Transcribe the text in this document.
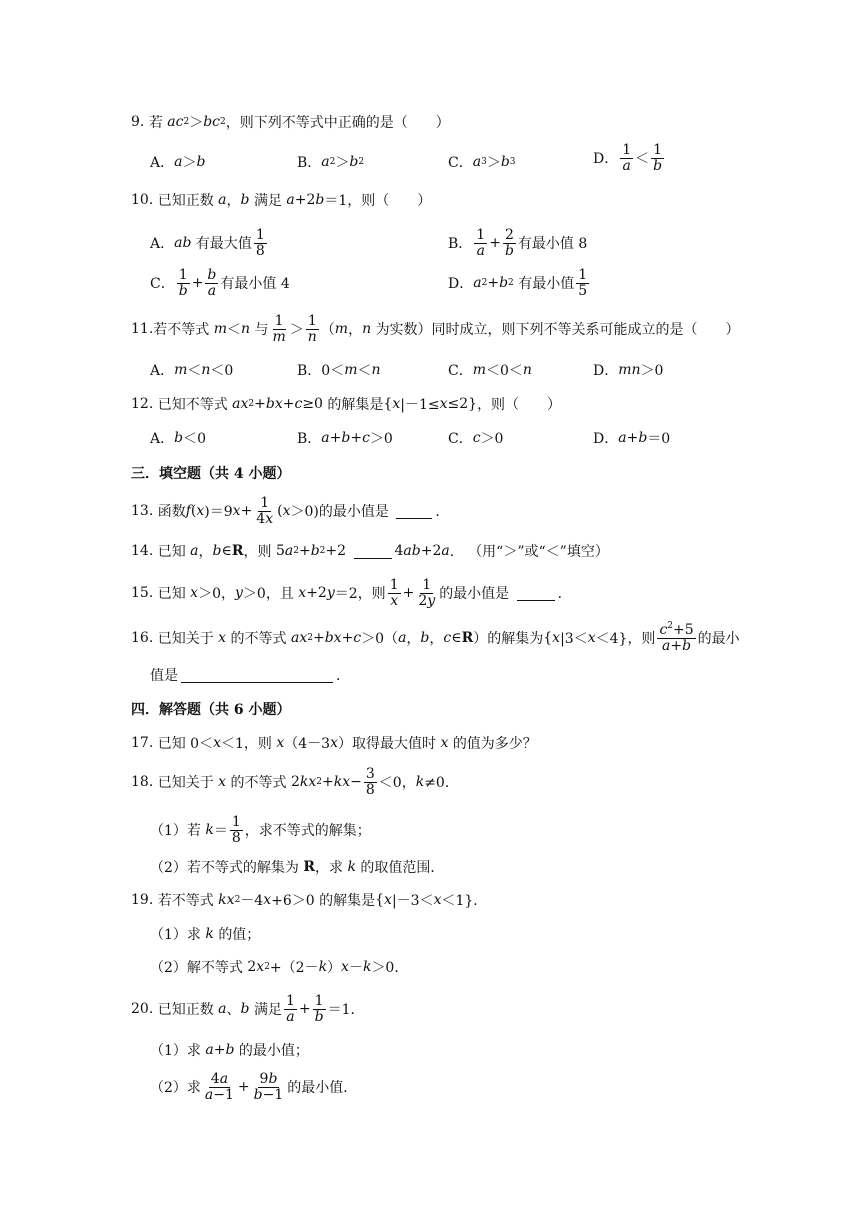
9.
若
ac 2 ＞ bc 2 ，则下列不等式中正确的是（　　）
A． a ＞ b	B． a 2 ＞ b 2	C． a 3 ＞ b 3	D． $\frac{1}{a} < \frac{1}{b}$
10.
已知正数
a ， b
满足
a +2 b ＝1 ，则（　　）
A． ab
有最大值 $\frac{1}{8}$	B． $\frac{1}{a} + \frac{2}{b}$ 有最小值 8
C． $\frac{1}{b} + \frac{b}{a}$ 有最小值 4	D． a 2 + b 2
有最小值 $\frac{1}{5}$
11. 若不等式
m ＜ n
与 $\frac{1}{m} > \frac{1}{n}$ （ m ， n
为实数）同时成立，则下列不等关系可能成立的是（　　）
A． m ＜ n ＜0	B．0＜ m ＜ n	C． m ＜0＜ n	D． mn ＞0
12.
已知不等式
ax 2 + bx + c ≥0 的解集是 { x |－1≤ x ≤2} ，则（　　）
A． b ＜0	B． a + b + c ＞0	C． c ＞0	D． a + b ＝0
三．填空题（共 4 小题）
13.
函数 f ( x )＝9 $x + \frac{1}{4x}$ ( x ＞0) 的最小值是
	．
14.
已知
a ， b ∈ R ，则 5 a 2 + b 2 +2	4 ab +2 a ． （用“＞”或“＜”填空）
15.
已知
x ＞0， y ＞0 ，且
x +2 y ＝2 ，则 $\frac{1}{x} + \frac{1}{2y}$ 的最小值是
	．
16.
已知关于
x
的不等式
ax 2 + bx + c ＞0（ a ， b ， c ∈ R ） 的解集为 { x |3＜ x ＜4} ，则 $\frac{c^2+5}{a+b}$ 的最小
值是	．
四．解答题（共 6 小题）
17.
已知 0＜ x ＜1 ，则
x （4－3 x ） 取得最大值时
x
的值为多少？
18.
已知关于
x
的不等式 2 kx 2 + kx − $\frac{3}{8} <0$， k ≠0．
（1）若
$k = \frac{1}{8}$ ，求不等式的解集；
（2）若不等式的解集为
R ，求
k
的取值范围．
19.
若不等式
kx 2 －4 x +6＞0 的解集是 { x |－3＜ x ＜1}．
（1）求
k
的值；
（2）解不等式 2 x 2 +（2－ k ） x － k ＞0．
20.
已知正数
a 、 b
满足 $\frac{1}{a} + \frac{1}{b} =1$．
（1）求
a + b
的最小值；
（2）求 $\frac{4a}{a-1} + \frac{9b}{b-1}$ 的最小值．
